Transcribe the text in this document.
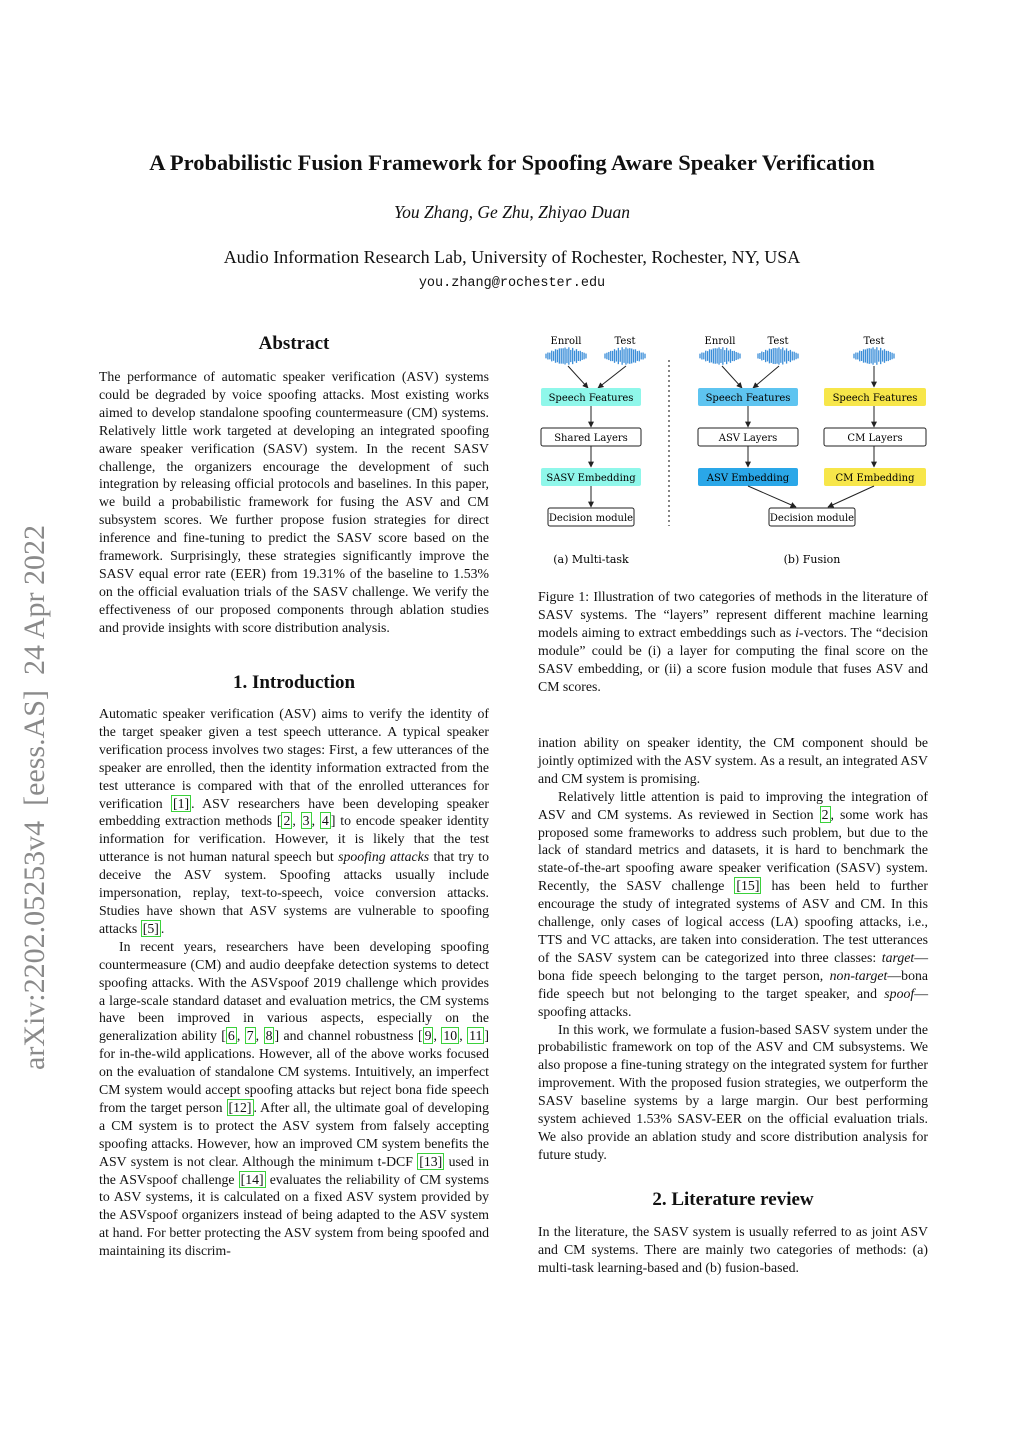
A Probabilistic Fusion Framework for Spoofing Aware Speaker Verification
You Zhang, Ge Zhu, Zhiyao Duan
Audio Information Research Lab, University of Rochester, Rochester, NY, USA
you.zhang@rochester.edu
arXiv:2202.05253v4  [eess.AS]  24 Apr 2022
Abstract

The performance of automatic speaker verification (ASV) systems could be degraded by voice spoofing attacks. Most existing works aimed to develop standalone spoofing countermeasure (CM) systems. Relatively little work targeted at developing an integrated spoofing aware speaker verification (SASV) system. In the recent SASV challenge, the organizers encourage the development of such integration by releasing official protocols and baselines. In this paper, we build a probabilistic framework for fusing the ASV and CM subsystem scores. We further propose fusion strategies for direct inference and fine-tuning to predict the SASV score based on the framework. Surprisingly, these strategies significantly improve the SASV equal error rate (EER) from 19.31% of the baseline to 1.53% on the official evaluation trials of the SASV challenge. We verify the effectiveness of our proposed components through ablation studies and provide insights with score distribution analysis.

1. Introduction

Automatic speaker verification (ASV) aims to verify the identity of the target speaker given a test speech utterance. A typical speaker verification process involves two stages: First, a few utterances of the speaker are enrolled, then the identity information extracted from the test utterance is compared with that of the enrolled utterances for verification [1] . ASV researchers have been developing speaker embedding extraction methods [ 2 , 3 , 4 ] to encode speaker identity information for verification. However, it is likely that the test utterance is not human natural speech but spoofing attacks that try to deceive the ASV system. Spoofing attacks usually include impersonation, replay, text-to-speech, voice conversion attacks. Studies have shown that ASV systems are vulnerable to spoofing attacks [5] .

In recent years, researchers have been developing spoofing countermeasure (CM) and audio deepfake detection systems to detect spoofing attacks. With the ASVspoof 2019 challenge which provides a large-scale standard dataset and evaluation metrics, the CM systems have been improved in various aspects, especially on the generalization ability [ 6 , 7 , 8 ] and channel robustness [ 9 , 10 , 11 ] for in-the-wild applications. However, all of the above works focused on the evaluation of standalone CM systems. Intuitively, an imperfect CM system would accept spoofing attacks but reject bona fide speech from the target person [12] . After all, the ultimate goal of developing a CM system is to protect the ASV system from falsely accepting spoofing attacks. However, how an improved CM system benefits the ASV system is not clear. Although the minimum t-DCF [13] used in the ASVspoof challenge [14] evaluates the reliability of CM systems to ASV systems, it is calculated on a fixed ASV system provided by the ASVspoof organizers instead of being adapted to the ASV system at hand. For better protecting the ASV system from being spoofed and maintaining its discrim-

Enroll	Test
Speech Features
Shared Layers
SASV Embedding
Decision module
(a) Multi-task
Enroll	Test	Test
Speech Features	Speech Features
ASV Layers	CM Layers
ASV Embedding	CM Embedding
Decision module
(b) Fusion

Figure 1: Illustration of two categories of methods in the literature of SASV systems. The “layers” represent different machine learning models aiming to extract embeddings such as i-vectors. The “decision module” could be (i) a layer for computing the final score on the SASV embedding, or (ii) a score fusion module that fuses ASV and CM scores.

ination ability on speaker identity, the CM component should be jointly optimized with the ASV system. As a result, an integrated ASV and CM system is promising.

Relatively little attention is paid to improving the integration of ASV and CM systems. As reviewed in Section 2 , some work has proposed some frameworks to address such problem, but due to the lack of standard metrics and datasets, it is hard to benchmark the state-of-the-art spoofing aware speaker verification (SASV) system. Recently, the SASV challenge [15] has been held to further encourage the study of integrated systems of ASV and CM. In this challenge, only cases of logical access (LA) spoofing attacks, i.e., TTS and VC attacks, are taken into consideration. The test utterances of the SASV system can be categorized into three classes: target—bona fide speech belonging to the target person, non-target—bona fide speech but not belonging to the target speaker, and spoof—spoofing attacks.

In this work, we formulate a fusion-based SASV system under the probabilistic framework on top of the ASV and CM subsystems. We also propose a fine-tuning strategy on the integrated system for further improvement. With the proposed fusion strategies, we outperform the SASV baseline systems by a large margin. Our best performing system achieved 1.53% SASV-EER on the official evaluation trials. We also provide an ablation study and score distribution analysis for future study.

2. Literature review

In the literature, the SASV system is usually referred to as joint ASV and CM systems. There are mainly two categories of methods: (a) multi-task learning-based and (b) fusion-based.
